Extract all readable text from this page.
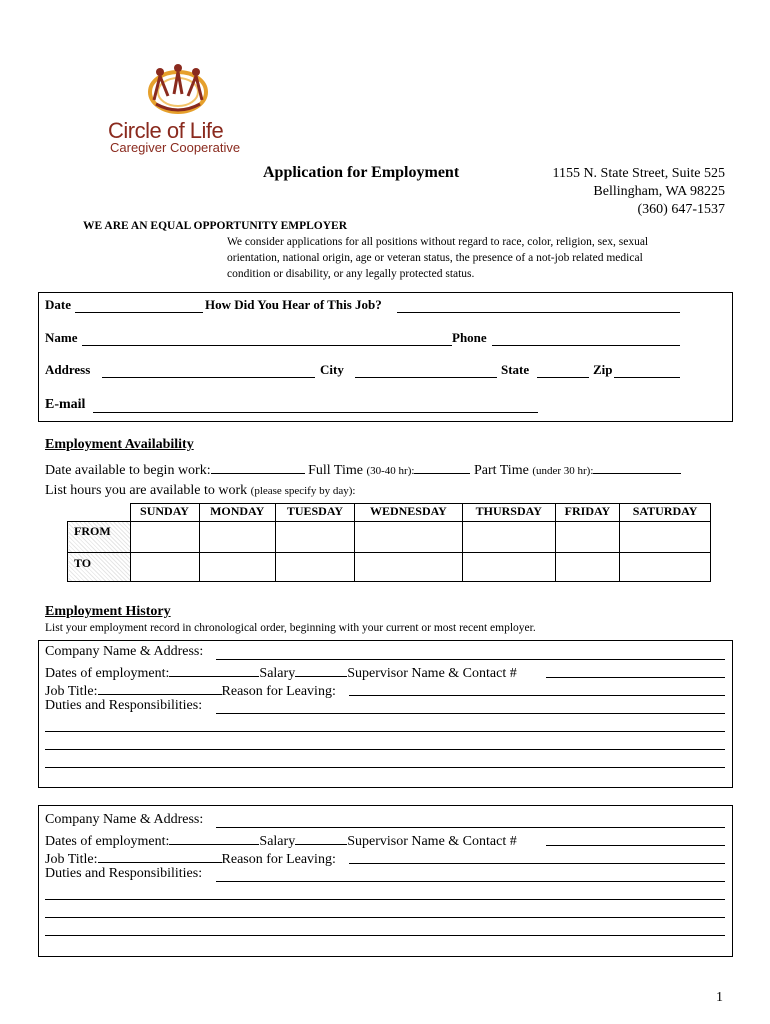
Circle of Life
Caregiver Cooperative
Application for Employment	1155 N. State Street, Suite 525
Bellingham, WA 98225
(360) 647-1537
WE ARE AN EQUAL OPPORTUNITY EMPLOYER
We consider applications for all positions without regard to race, color, religion, sex, sexual
orientation, national origin, age or veteran status, the presence of a not-job related medical
condition or disability, or any legally protected status.
Date	How Did You Hear of This Job?
Name	Phone
Address	City	State	Zip
E-mail
Employment Availability
Date available to begin work:	Full Time (30-40 hr):	Part Time (under 30 hr):
List hours you are available to work (please specify by day):
	SUNDAY	MONDAY	TUESDAY	WEDNESDAY	THURSDAY	FRIDAY	SATURDAY
FROM							
TO							
Employment History
List your employment record in chronological order, beginning with your current or most recent employer.
Company Name & Address:
Dates of employment:	Salary	Supervisor Name & Contact #
Job Title:	Reason for Leaving:
Duties and Responsibilities:
Company Name & Address:
Dates of employment:	Salary	Supervisor Name & Contact #
Job Title:	Reason for Leaving:
Duties and Responsibilities:
1
